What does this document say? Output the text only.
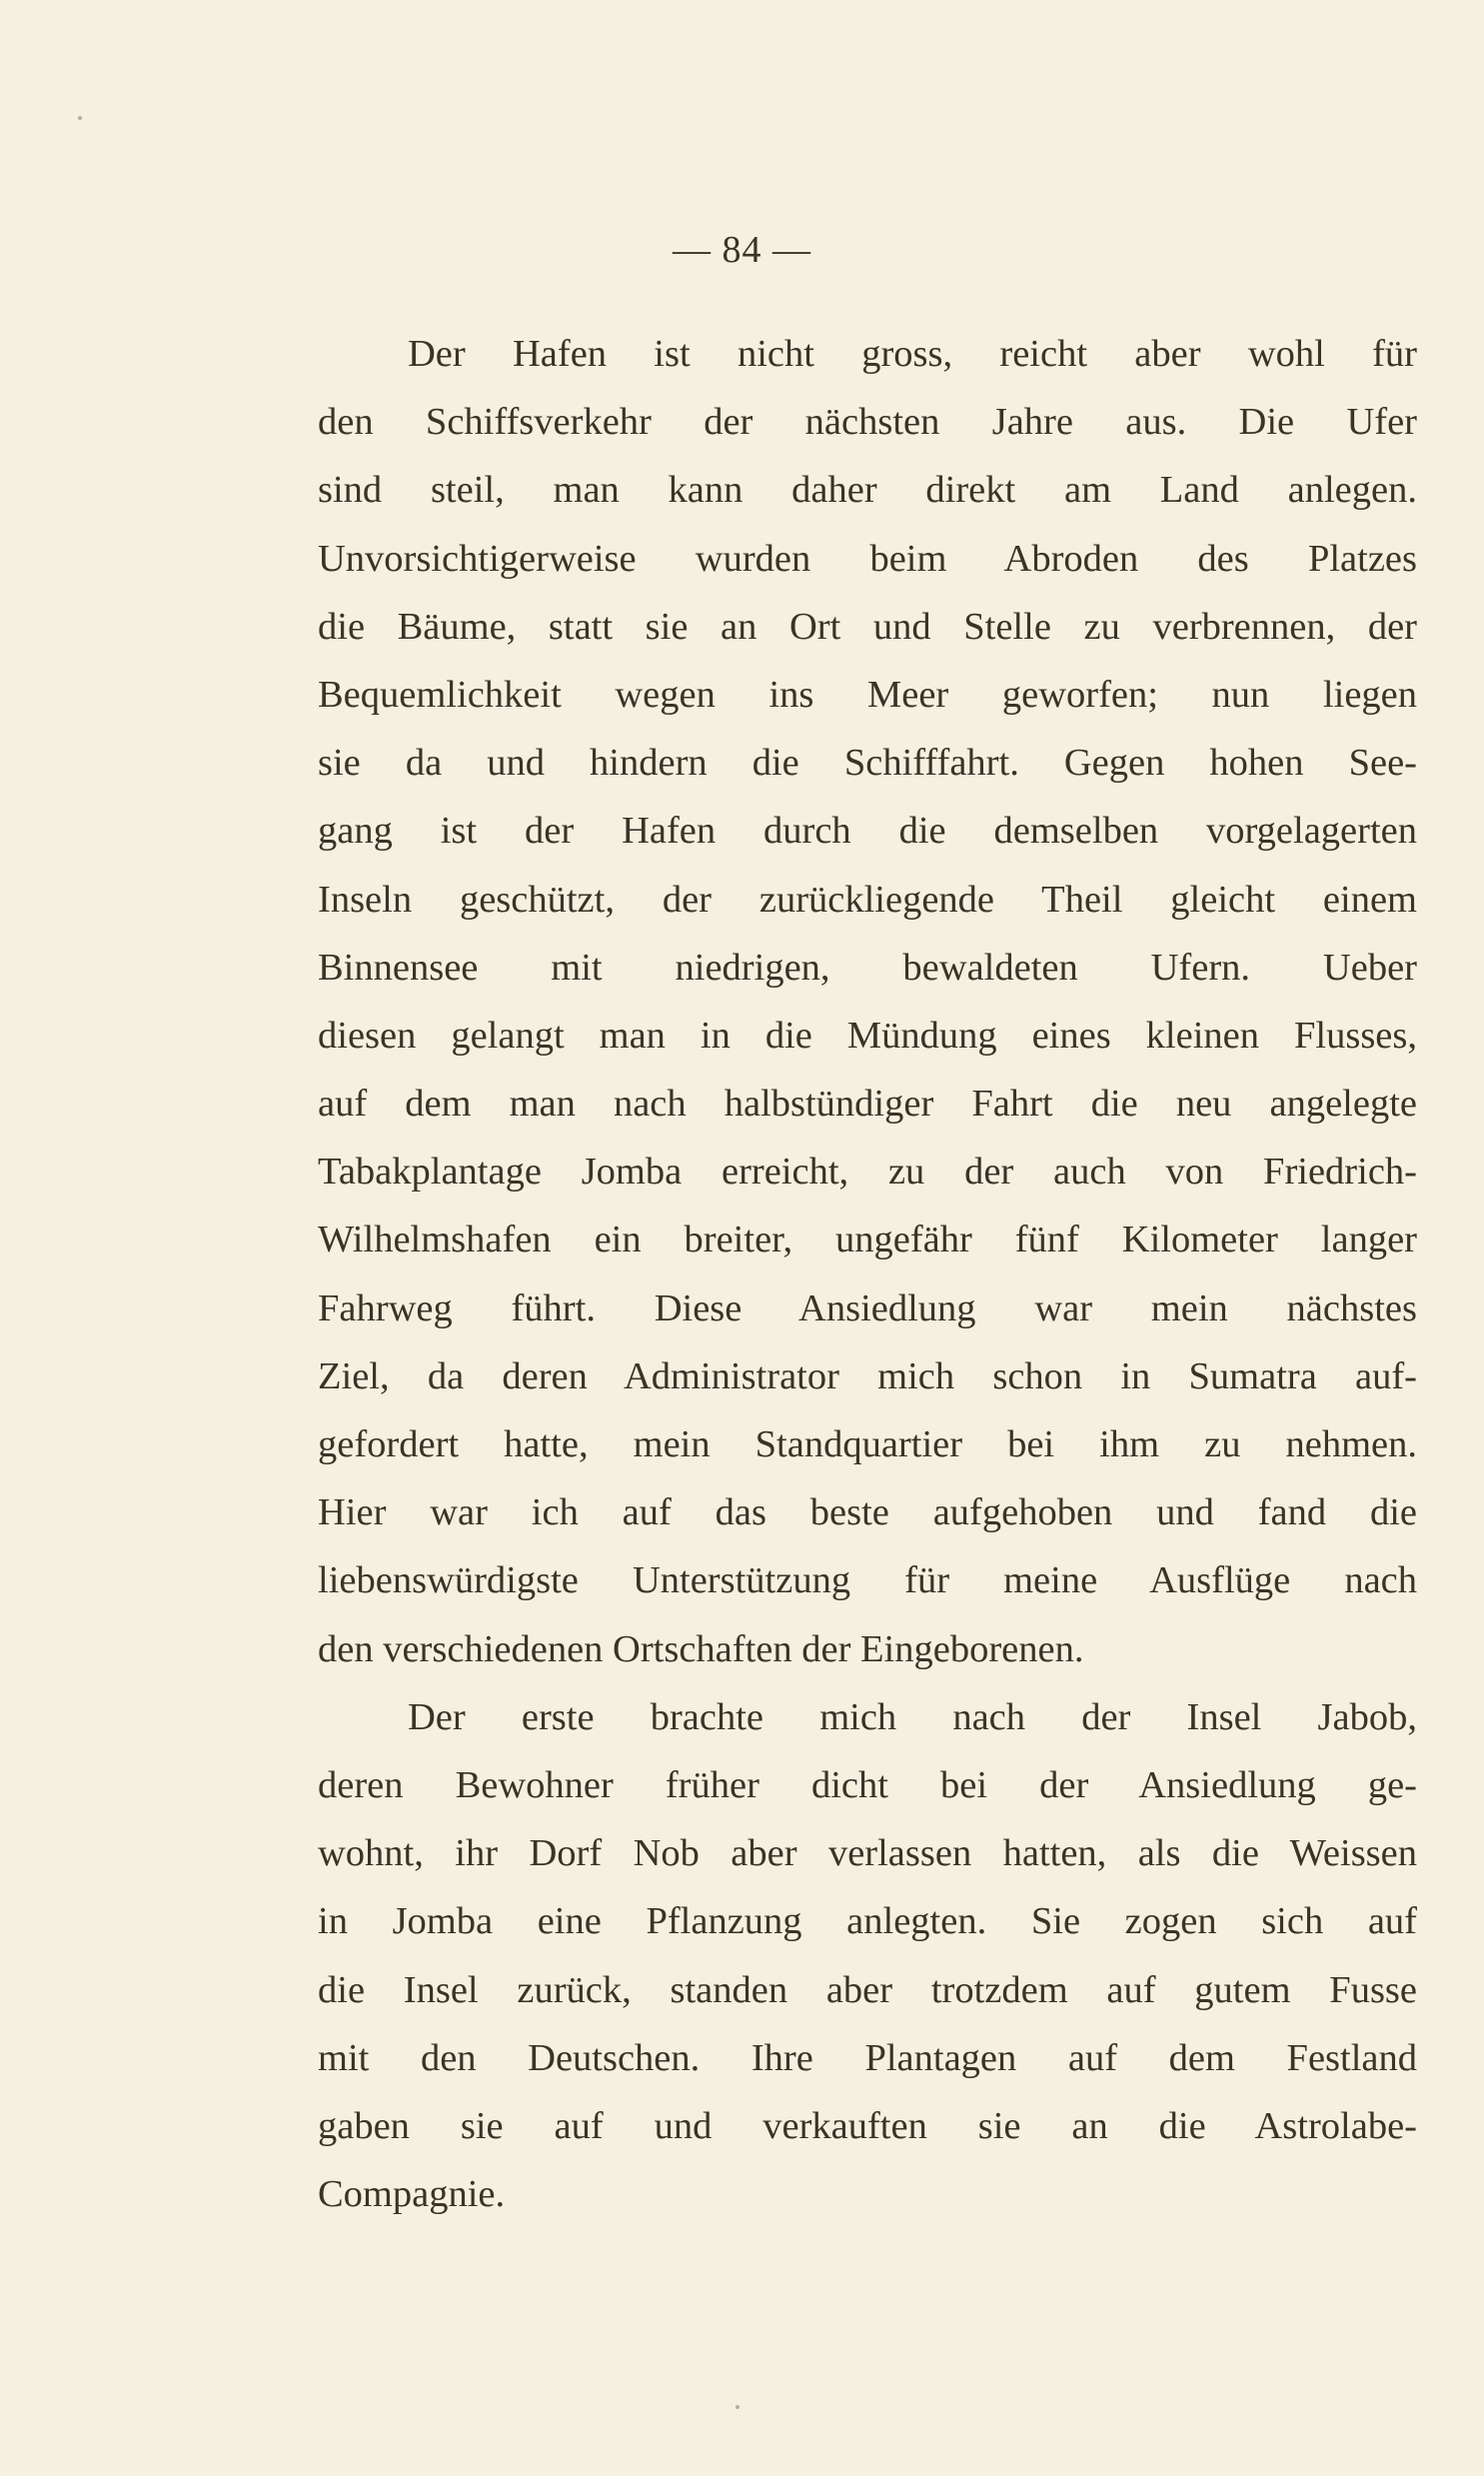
— 84 —
Der Hafen ist nicht gross, reicht aber wohl für
den Schiffsverkehr der nächsten Jahre aus. Die Ufer
sind steil, man kann daher direkt am Land anlegen.
Unvorsichtigerweise wurden beim Abroden des Platzes
die Bäume, statt sie an Ort und Stelle zu verbrennen, der
Bequemlichkeit wegen ins Meer geworfen; nun liegen
sie da und hindern die Schifffahrt. Gegen hohen See-
gang ist der Hafen durch die demselben vorgelagerten
Inseln geschützt, der zurückliegende Theil gleicht einem
Binnensee mit niedrigen, bewaldeten Ufern. Ueber
diesen gelangt man in die Mündung eines kleinen Flusses,
auf dem man nach halbstündiger Fahrt die neu angelegte
Tabakplantage Jomba erreicht, zu der auch von Friedrich-
Wilhelmshafen ein breiter, ungefähr fünf Kilometer langer
Fahrweg führt. Diese Ansiedlung war mein nächstes
Ziel, da deren Administrator mich schon in Sumatra auf-
gefordert hatte, mein Standquartier bei ihm zu nehmen.
Hier war ich auf das beste aufgehoben und fand die
liebenswürdigste Unterstützung für meine Ausflüge nach
den verschiedenen Ortschaften der Eingeborenen.
Der erste brachte mich nach der Insel Jabob,
deren Bewohner früher dicht bei der Ansiedlung ge-
wohnt, ihr Dorf Nob aber verlassen hatten, als die Weissen
in Jomba eine Pflanzung anlegten. Sie zogen sich auf
die Insel zurück, standen aber trotzdem auf gutem Fusse
mit den Deutschen. Ihre Plantagen auf dem Festland
gaben sie auf und verkauften sie an die Astrolabe-
Compagnie.
